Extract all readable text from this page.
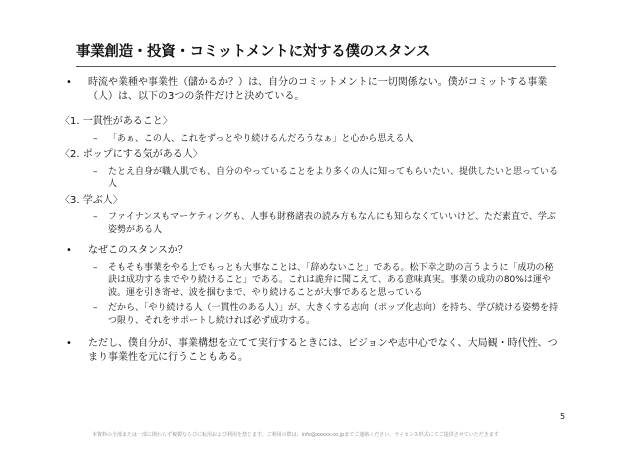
事業創造・投資・コミットメントに対する僕のスタンス
• 時流や業種や事業性（儲かるか？）は、自分のコミットメントに一切関係ない。僕がコミットする事業（人）は、以下の3つの条件だけと決めている。
〈1. 一貫性があること〉
– 「あぁ、この人、これをずっとやり続けるんだろうなぁ」と心から思える人
〈2. ポップにする気がある人〉
– たとえ自身が職人肌でも、自分のやっていることをより多くの人に知ってもらいたい、提供したいと思っている人
〈3. 学ぶ人〉
– ファイナンスもマーケティングも、人事も財務諸表の読み方もなんにも知らなくていいけど、ただ素直で、学ぶ姿勢がある人
• なぜこのスタンスか？
– そもそも事業をやる上でもっとも大事なことは、「辞めないこと」である。松下幸之助の言うように「成功の秘訣は成功するまでやり続けること」である。これは詭弁に聞こえて、ある意味真実。事業の成功の80%は運や波。運を引き寄せ、波を掴むまで、やり続けることが大事であると思っている
– だから、「やり続ける人（一貫性のある人）」が、大きくする志向（ポップ化志向）を持ち、学び続ける姿勢を持つ限り、それをサポートし続ければ必ず成功する。
• ただし、僕自分が、事業構想を立てて実行するときには、ビジョンや志中心でなく、大局観・時代性、つまり事業性を元に行うこともある。
5
本資料の全部または一部に関わらず複製ならびに転用および利用を禁じます。ご利用の際は、info@xxxxx.co.jpまでご連絡ください。ライセンス形式にてご提供させていただきます
